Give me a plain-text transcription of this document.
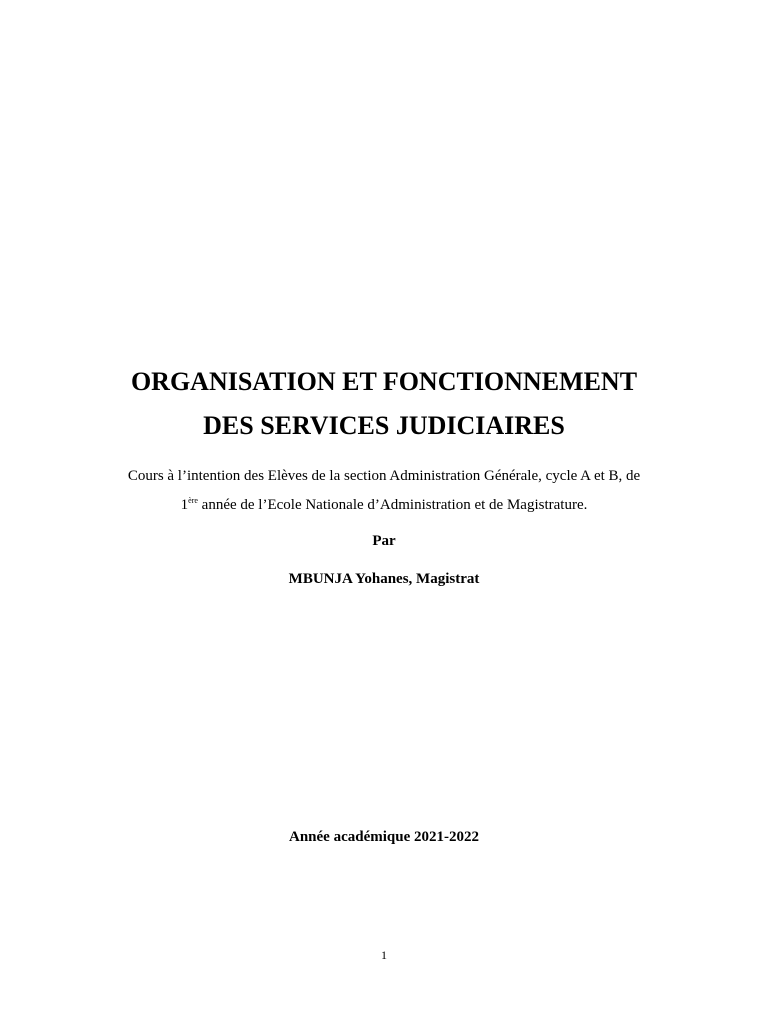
ORGANISATION ET FONCTIONNEMENT
DES SERVICES JUDICIAIRES
Cours à l’intention des Elèves de la section Administration Générale, cycle A et B, de
1ère année de l’Ecole Nationale d’Administration et de Magistrature.
Par
MBUNJA Yohanes, Magistrat
Année académique 2021-2022
1
